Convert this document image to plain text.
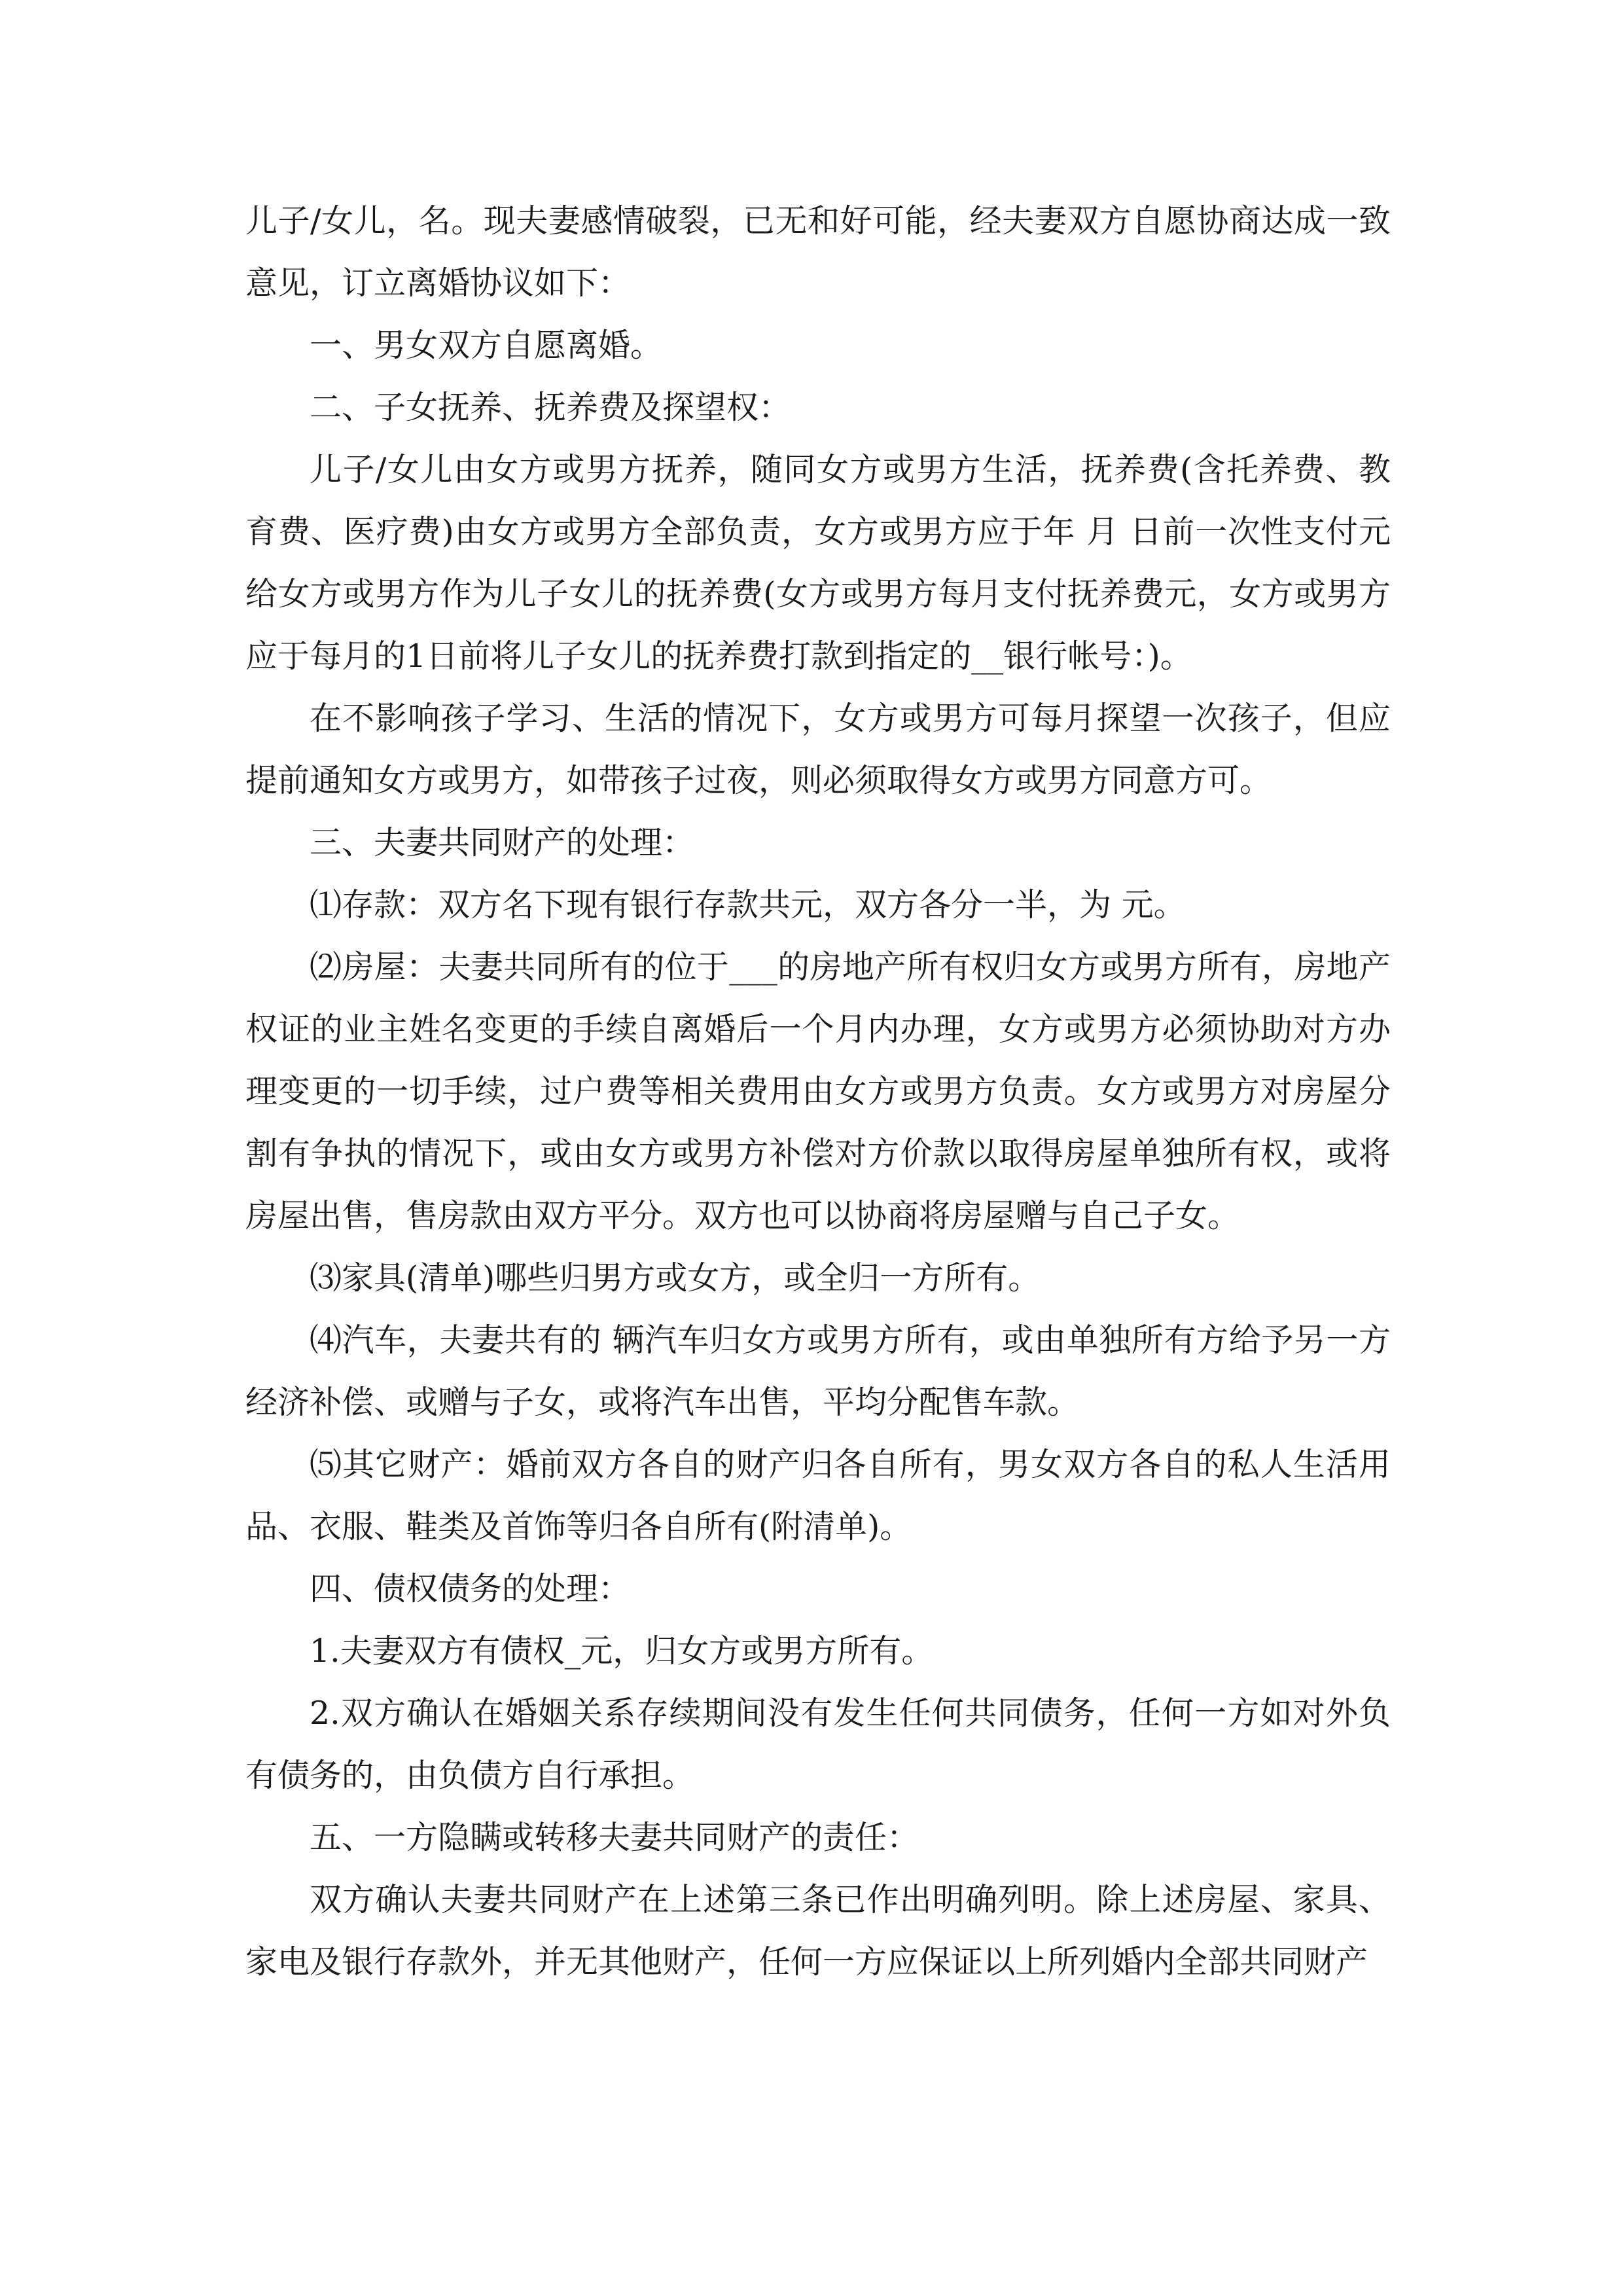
儿子/女儿，名。现夫妻感情破裂，已无和好可能，经夫妻双方自愿协商达成一致意见，订立离婚协议如下：

一、男女双方自愿离婚。

二、子女抚养、抚养费及探望权：

儿子/女儿由女方或男方抚养，随同女方或男方生活，抚养费(含托养费、教育费、医疗费)由女方或男方全部负责，女方或男方应于年 月 日前一次性支付元给女方或男方作为儿子女儿的抚养费(女方或男方每月支付抚养费元，女方或男方应于每月的1日前将儿子女儿的抚养费打款到指定的__银行帐号：)。

在不影响孩子学习、生活的情况下，女方或男方可每月探望一次孩子，但应提前通知女方或男方，如带孩子过夜，则必须取得女方或男方同意方可。

三、夫妻共同财产的处理：

⑴存款：双方名下现有银行存款共元，双方各分一半，为 元。

⑵房屋：夫妻共同所有的位于___的房地产所有权归女方或男方所有，房地产权证的业主姓名变更的手续自离婚后一个月内办理，女方或男方必须协助对方办理变更的一切手续，过户费等相关费用由女方或男方负责。女方或男方对房屋分割有争执的情况下，或由女方或男方补偿对方价款以取得房屋单独所有权，或将房屋出售，售房款由双方平分。双方也可以协商将房屋赠与自己子女。

⑶家具(清单)哪些归男方或女方，或全归一方所有。

⑷汽车，夫妻共有的 辆汽车归女方或男方所有，或由单独所有方给予另一方经济补偿、或赠与子女，或将汽车出售，平均分配售车款。

⑸其它财产：婚前双方各自的财产归各自所有，男女双方各自的私人生活用品、衣服、鞋类及首饰等归各自所有(附清单)。

四、债权债务的处理：

1.夫妻双方有债权_元，归女方或男方所有。

2.双方确认在婚姻关系存续期间没有发生任何共同债务，任何一方如对外负有债务的，由负债方自行承担。

五、一方隐瞒或转移夫妻共同财产的责任：

双方确认夫妻共同财产在上述第三条已作出明确列明。除上述房屋、家具、家电及银行存款外，并无其他财产，任何一方应保证以上所列婚内全部共同财产
